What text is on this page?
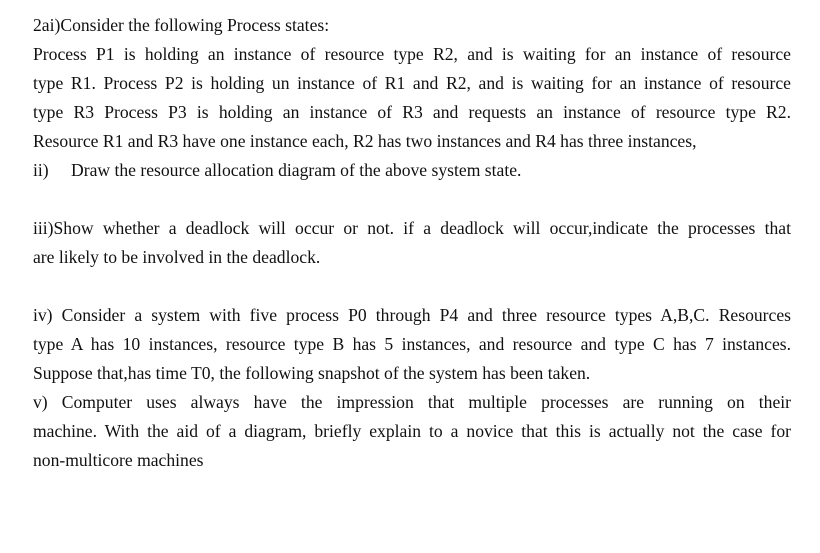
2ai)Consider the following Process states:
Process P1 is holding an instance of resource type R2, and is waiting for an instance of resource
type R1. Process P2 is holding un instance of R1 and R2, and is waiting for an instance of resource
type R3 Process P3 is holding an instance of R3 and requests an instance of resource type R2.
Resource R1 and R3 have one instance each, R2 has two instances and R4 has three instances,
ii) Draw the resource allocation diagram of the above system state.
iii)Show whether a deadlock will occur or not. if a deadlock will occur,indicate the processes that
are likely to be involved in the deadlock.
iv) Consider a system with five process P0 through P4 and three resource types A,B,C. Resources
type A has 10 instances, resource type B has 5 instances, and resource and type C has 7 instances.
Suppose that,has time T0, the following snapshot of the system has been taken.
v) Computer uses always have the impression that multiple processes are running on their
machine. With the aid of a diagram, briefly explain to a novice that this is actually not the case for
non-multicore machines
